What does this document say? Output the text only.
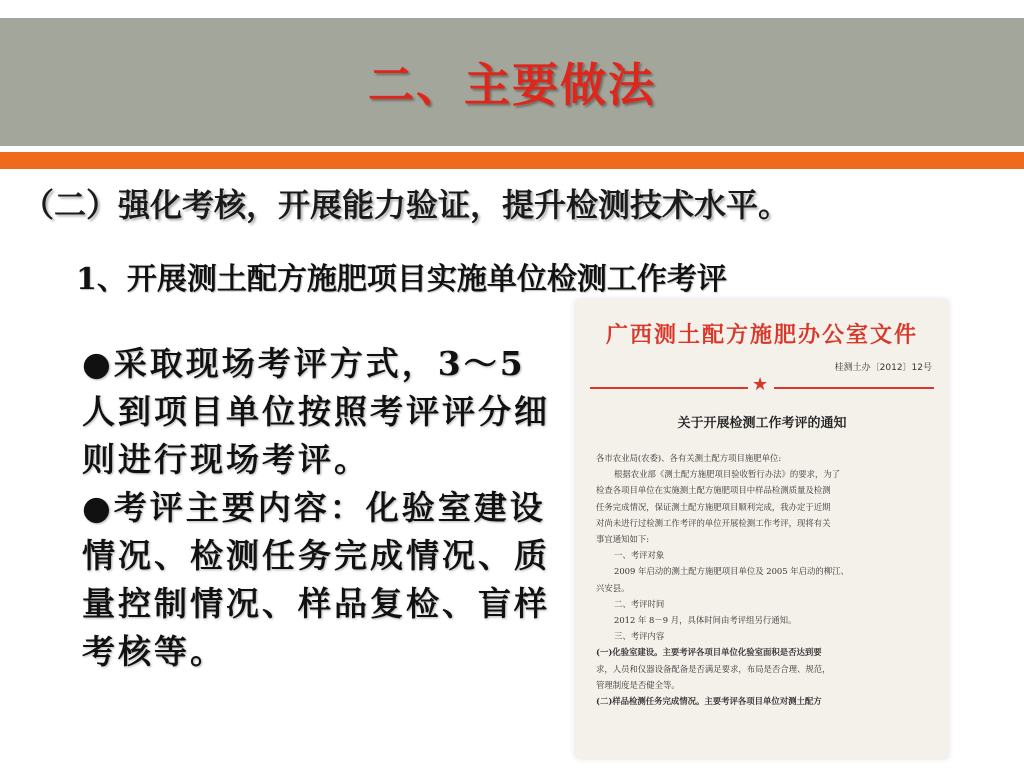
二、主要做法
（二）强化考核，开展能力验证，提升检测技术水平。
1、开展测土配方施肥项目实施单位检测工作考评

●采取现场考评方式，3～5人到项目单位按照考评评分细则进行现场考评。

●考评主要内容：化验室建设情况、检测任务完成情况、质量控制情况、样品复检、盲样考核等。

广西测土配方施肥办公室文件
桂测土办〔2012〕12号
★
关于开展检测工作考评的通知
各市农业局(农委)、各有关测土配方项目施肥单位:
根据农业部《测土配方施肥项目验收暂行办法》的要求，为了
检查各项目单位在实施测土配方施肥项目中样品检测质量及检测
任务完成情况，保证测土配方施肥项目顺利完成，我办定于近期
对尚未进行过检测工作考评的单位开展检测工作考评，现将有关
事宜通知如下:
一、考评对象
2009 年启动的测土配方施肥项目单位及 2005 年启动的柳江、
兴安县。
二、考评时间
2012 年 8－9 月，具体时间由考评组另行通知。
三、考评内容
(一)化验室建设。主要考评各项目单位化验室面积是否达到要
求，人员和仪器设备配备是否满足要求，布局是否合理、规范，
管理制度是否健全等。
(二)样品检测任务完成情况。主要考评各项目单位对测土配方
